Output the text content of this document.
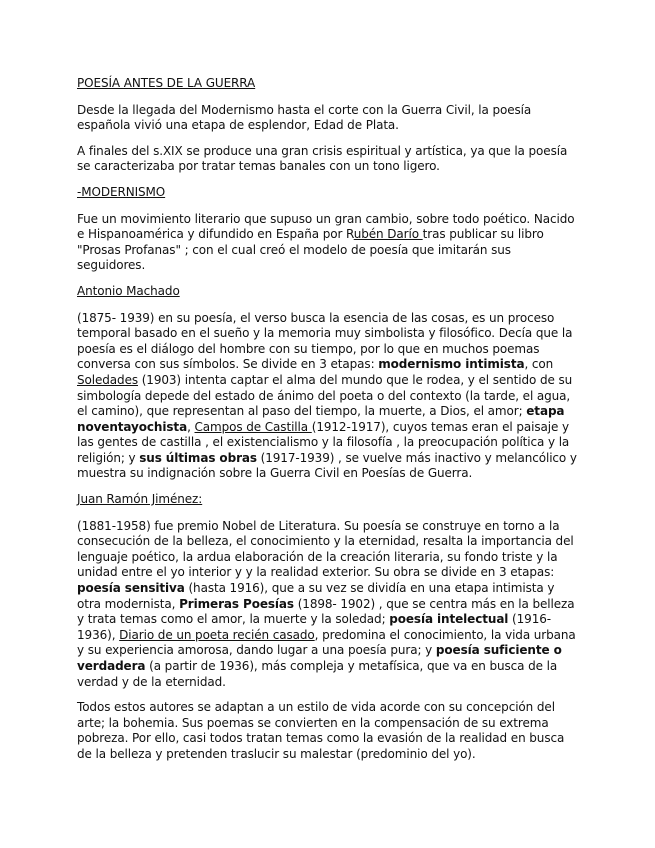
POESÍA ANTES DE LA GUERRA

Desde la llegada del Modernismo hasta el corte con la Guerra Civil, la poesía española vivió una etapa de esplendor, Edad de Plata.

A finales del s.XIX se produce una gran crisis espiritual y artística, ya que la poesía se caracterizaba por tratar temas banales con un tono ligero.

-MODERNISMO

Fue un movimiento literario que supuso un gran cambio, sobre todo poético. Nacido e Hispanoamérica y difundido en España por Rubén Darío tras publicar su libro "Prosas Profanas" ; con el cual creó el modelo de poesía que imitarán sus seguidores.

Antonio Machado

(1875- 1939) en su poesía, el verso busca la esencia de las cosas, es un proceso temporal basado en el sueño y la memoria muy simbolista y filosófico. Decía que la poesía es el diálogo del hombre con su tiempo, por lo que en muchos poemas conversa con sus símbolos. Se divide en 3 etapas: modernismo intimista, con Soledades (1903) intenta captar el alma del mundo que le rodea, y el sentido de su simbología depede del estado de ánimo del poeta o del contexto (la tarde, el agua, el camino), que representan al paso del tiempo, la muerte, a Dios, el amor; etapa noventayochista, Campos de Castilla (1912-1917), cuyos temas eran el paisaje y las gentes de castilla , el existencialismo y la filosofía , la preocupación política y la religión; y sus últimas obras (1917-1939) , se vuelve más inactivo y melancólico y muestra su indignación sobre la Guerra Civil en Poesías de Guerra.

Juan Ramón Jiménez:

(1881-1958) fue premio Nobel de Literatura. Su poesía se construye en torno a la consecución de la belleza, el conocimiento y la eternidad, resalta la importancia del lenguaje poético, la ardua elaboración de la creación literaria, su fondo triste y la unidad entre el yo interior y y la realidad exterior. Su obra se divide en 3 etapas: poesía sensitiva (hasta 1916), que a su vez se dividía en una etapa intimista y otra modernista, Primeras Poesías (1898- 1902) , que se centra más en la belleza y trata temas como el amor, la muerte y la soledad; poesía intelectual (1916-1936), Diario de un poeta recién casado, predomina el conocimiento, la vida urbana y su experiencia amorosa, dando lugar a una poesía pura; y poesía suficiente o verdadera (a partir de 1936), más compleja y metafísica, que va en busca de la verdad y de la eternidad.

Todos estos autores se adaptan a un estilo de vida acorde con su concepción del arte; la bohemia. Sus poemas se convierten en la compensación de su extrema pobreza. Por ello, casi todos tratan temas como la evasión de la realidad en busca de la belleza y pretenden traslucir su malestar (predominio del yo).
